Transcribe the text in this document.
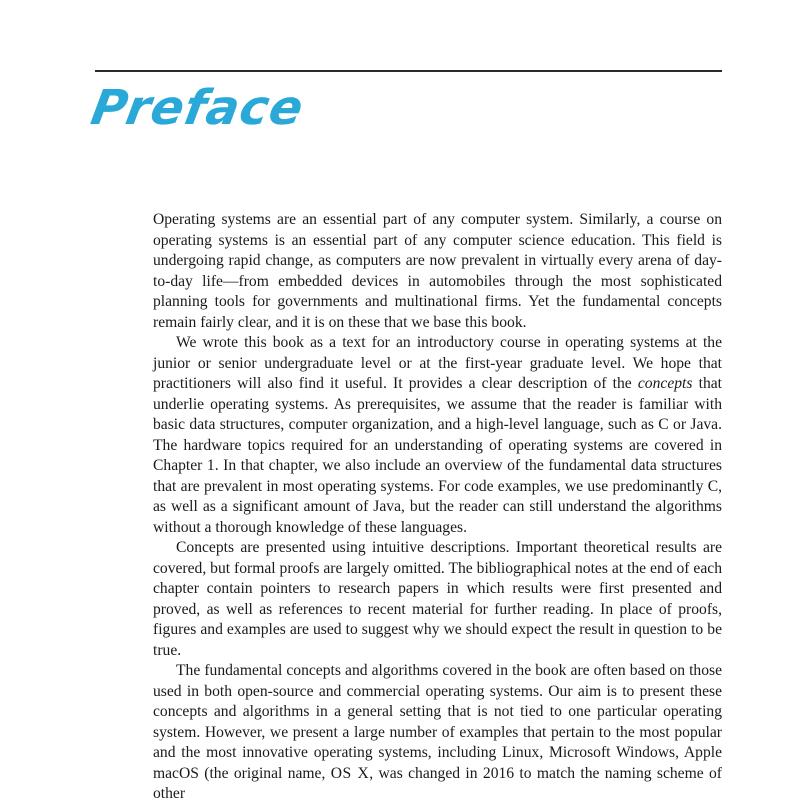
Preface

Operating systems are an essential part of any computer system. Similarly, a course on operating systems is an essential part of any computer science education. This field is undergoing rapid change, as computers are now prevalent in virtually every arena of day-to-day life—from embedded devices in automobiles through the most sophisticated planning tools for governments and multinational firms. Yet the fundamental concepts remain fairly clear, and it is on these that we base this book.

We wrote this book as a text for an introductory course in operating systems at the junior or senior undergraduate level or at the first-year graduate level. We hope that practitioners will also find it useful. It provides a clear description of the concepts that underlie operating systems. As prerequisites, we assume that the reader is familiar with basic data structures, computer organization, and a high-level language, such as C or Java. The hardware topics required for an understanding of operating systems are covered in Chapter 1. In that chapter, we also include an overview of the fundamental data structures that are prevalent in most operating systems. For code examples, we use predominantly C, as well as a significant amount of Java, but the reader can still understand the algorithms without a thorough knowledge of these languages.

Concepts are presented using intuitive descriptions. Important theoretical results are covered, but formal proofs are largely omitted. The bibliographical notes at the end of each chapter contain pointers to research papers in which results were first presented and proved, as well as references to recent material for further reading. In place of proofs, figures and examples are used to suggest why we should expect the result in question to be true.

The fundamental concepts and algorithms covered in the book are often based on those used in both open-source and commercial operating systems. Our aim is to present these concepts and algorithms in a general setting that is not tied to one particular operating system. However, we present a large number of examples that pertain to the most popular and the most innovative operating systems, including Linux, Microsoft Windows, Apple macOS (the original name, OS X, was changed in 2016 to match the naming scheme of other
